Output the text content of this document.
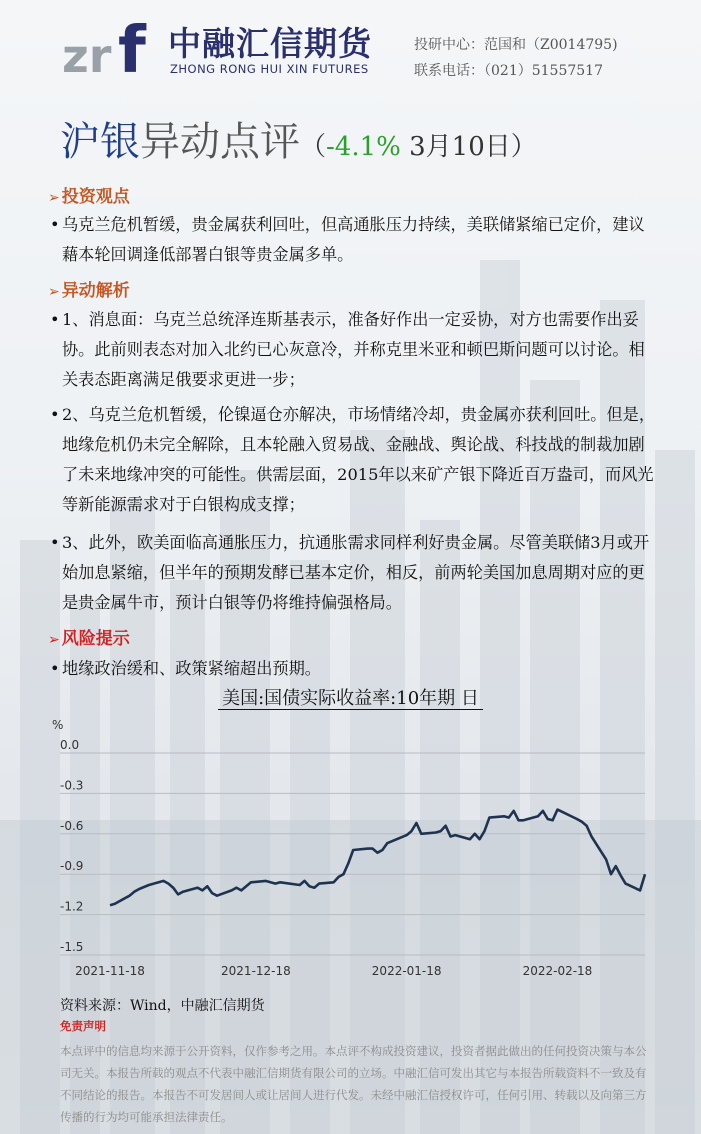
zr f 中融汇信期货
ZHONG RONG HUI XIN FUTURES
投研中心：范国和（Z0014795)
联系电话：（021）51557517
沪银异动点评（-4.1% 3月10日）
➢ 投资观点
• 乌克兰危机暂缓，贵金属获利回吐，但高通胀压力持续，美联储紧缩已定价，建议藉本轮回调逢低部署白银等贵金属多单。
➢ 异动解析
• 1、消息面：乌克兰总统泽连斯基表示，准备好作出一定妥协，对方也需要作出妥协。此前则表态对加入北约已心灰意冷，并称克里米亚和顿巴斯问题可以讨论。相关表态距离满足俄要求更进一步；
• 2、乌克兰危机暂缓，伦镍逼仓亦解决，市场情绪冷却，贵金属亦获利回吐。但是，地缘危机仍未完全解除，且本轮融入贸易战、金融战、舆论战、科技战的制裁加剧了未来地缘冲突的可能性。供需层面，2015年以来矿产银下降近百万盎司，而风光等新能源需求对于白银构成支撑；
• 3、此外，欧美面临高通胀压力，抗通胀需求同样利好贵金属。尽管美联储3月或开始加息紧缩，但半年的预期发酵已基本定价，相反，前两轮美国加息周期对应的更是贵金属牛市，预计白银等仍将维持偏强格局。
➢ 风险提示
• 地缘政治缓和、政策紧缩超出预期。
美国:国债实际收益率:10年期 日
%
0.0
-0.3
-0.6
-0.9
-1.2
-1.5
2021-11-18	2021-12-18	2022-01-18	2022-02-18
资料来源：Wind，中融汇信期货
免责声明
本点评中的信息均来源于公开资料，仅作参考之用。本点评不构成投资建议，投资者据此做出的任何投资决策与本公司无关。本报告所载的观点不代表中融汇信期货有限公司的立场。中融汇信可发出其它与本报告所载资料不一致及有不同结论的报告。本报告不可发居间人或让居间人进行代发。未经中融汇信授权许可，任何引用、转载以及向第三方传播的行为均可能承担法律责任。
